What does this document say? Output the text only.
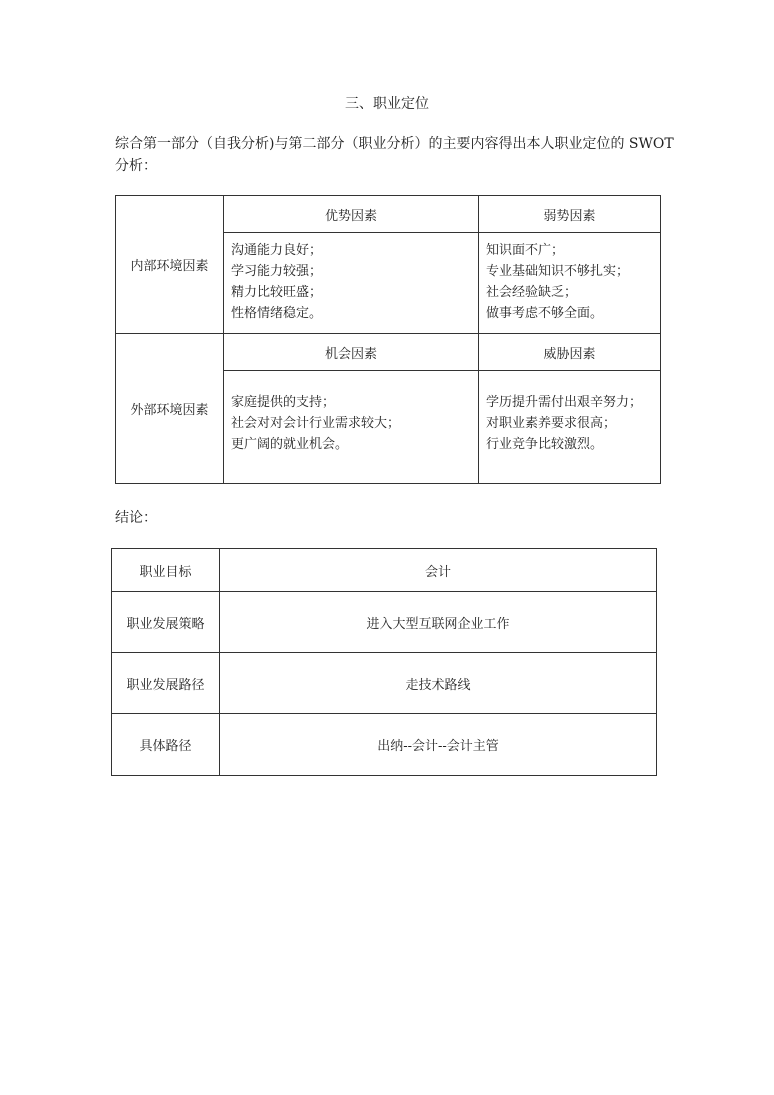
三、职业定位
综合第一部分（自我分析)与第二部分（职业分析）的主要内容得出本人职业定位的 SWOT 分析：
内部环境因素	优势因素	弱势因素

	沟通能力良好；
学习能力较强；
精力比较旺盛；
性格情绪稳定。	知识面不广；
专业基础知识不够扎实；
社会经验缺乏；
做事考虑不够全面。

外部环境因素	机会因素	威胁因素

	家庭提供的支持；
社会对对会计行业需求较大；
更广阔的就业机会。	学历提升需付出艰辛努力；
对职业素养要求很高；
行业竞争比较激烈。
结论：
职业目标	会计
职业发展策略	进入大型互联网企业工作
职业发展路径	走技术路线
具体路径	出纳--会计--会计主管
